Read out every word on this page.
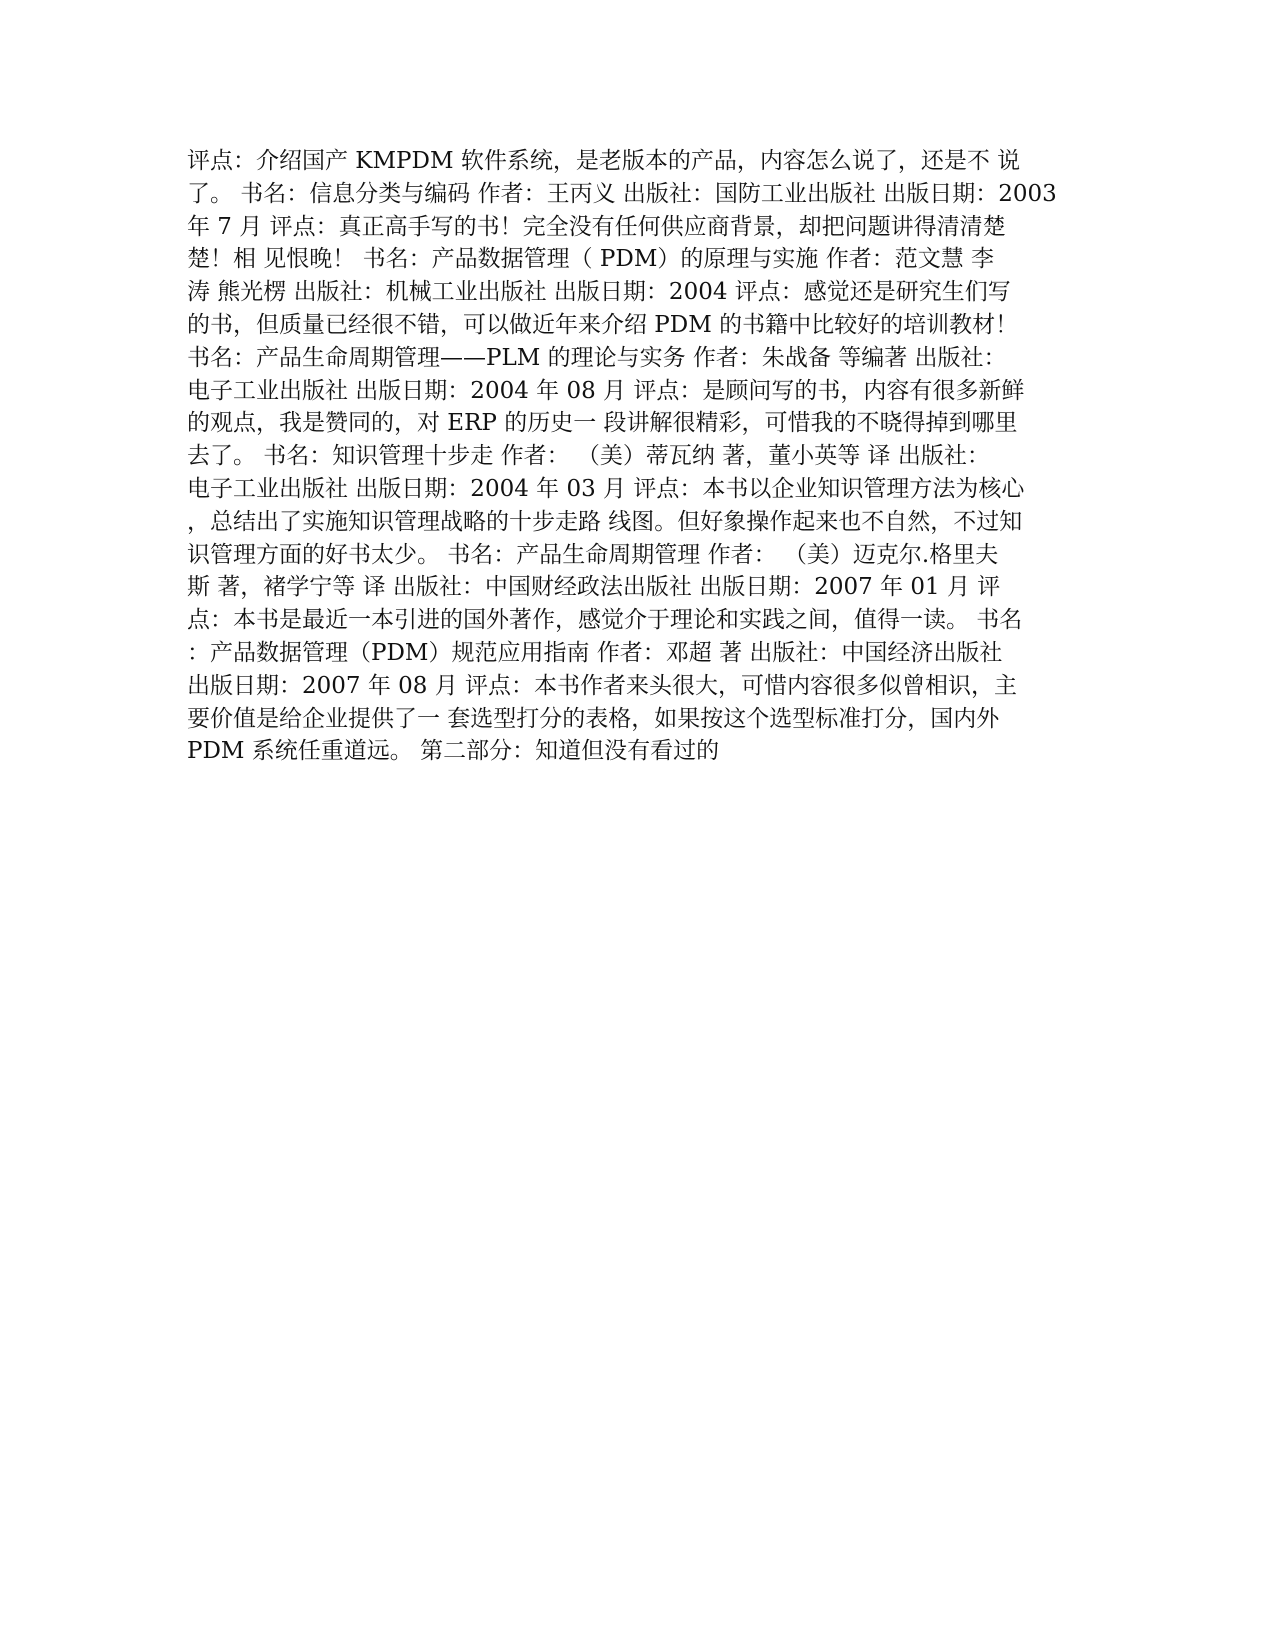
评点：介绍国产 KMPDM 软件系统，是老版本的产品，内容怎么说了，还是不 说
了。 书名：信息分类与编码 作者：王丙义 出版社：国防工业出版社 出版日期：2003
年 7 月 评点：真正高手写的书！完全没有任何供应商背景，却把问题讲得清清楚
楚！相 见恨晚！ 书名：产品数据管理（ PDM）的原理与实施 作者：范文慧 李
涛 熊光楞 出版社：机械工业出版社 出版日期：2004 评点：感觉还是研究生们写
的书，但质量已经很不错，可以做近年来介绍 PDM 的书籍中比较好的培训教材！
书名：产品生命周期管理——PLM 的理论与实务 作者：朱战备 等编著 出版社：
电子工业出版社 出版日期：2004 年 08 月 评点：是顾问写的书，内容有很多新鲜
的观点，我是赞同的，对 ERP 的历史一 段讲解很精彩，可惜我的不晓得掉到哪里
去了。 书名：知识管理十步走 作者： （美）蒂瓦纳 著，董小英等 译 出版社：
电子工业出版社 出版日期：2004 年 03 月 评点：本书以企业知识管理方法为核心
，总结出了实施知识管理战略的十步走路 线图。但好象操作起来也不自然，不过知
识管理方面的好书太少。 书名：产品生命周期管理 作者： （美）迈克尔.格里夫
斯 著，褚学宁等 译 出版社：中国财经政法出版社 出版日期：2007 年 01 月 评
点：本书是最近一本引进的国外著作，感觉介于理论和实践之间，值得一读。 书名
：产品数据管理（PDM）规范应用指南 作者：邓超 著 出版社：中国经济出版社
出版日期：2007 年 08 月 评点：本书作者来头很大，可惜内容很多似曾相识，主
要价值是给企业提供了一 套选型打分的表格，如果按这个选型标准打分，国内外
PDM 系统任重道远。 第二部分：知道但没有看过的
